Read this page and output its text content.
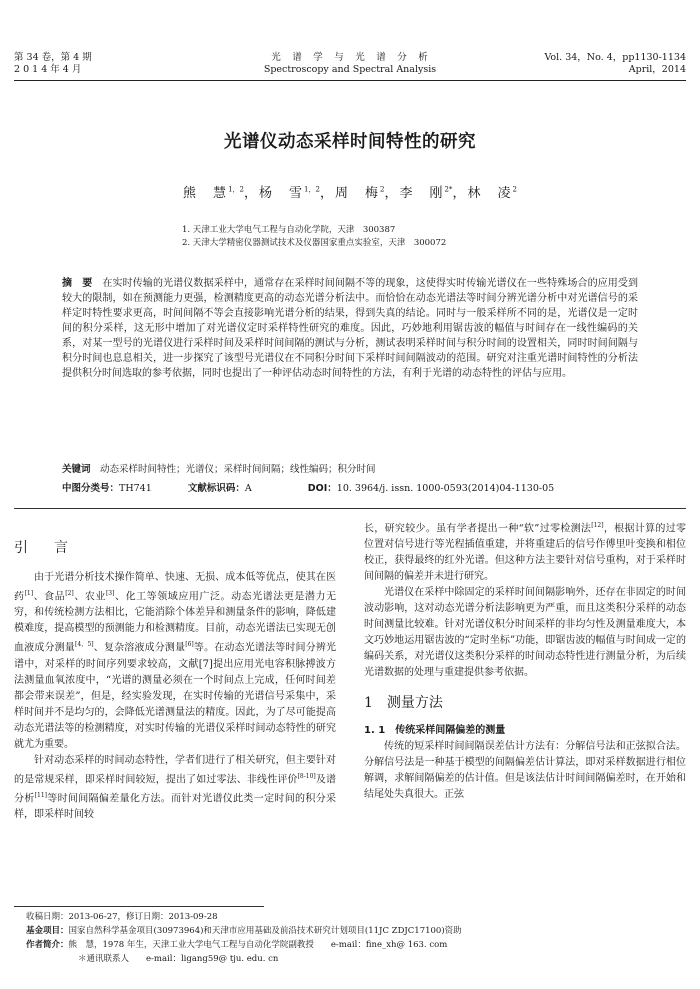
第 34 卷，第 4 期
2 0 1 4 年 4 月
光　谱　学　与　光　谱　分　析
Spectroscopy and Spectral Analysis
Vol. 34，No. 4，pp1130-1134
April，2014
光谱仪动态采样时间特性的研究
熊　慧$^{1,2}$，杨　雪$^{1,2}$，周　梅$^2$，李　刚$^{2*}$，林　凌$^2$
1. 天津工业大学电气工程与自动化学院，天津　300387
2. 天津大学精密仪器测试技术及仪器国家重点实验室，天津　300072
摘　要　 在实时传输的光谱仪数据采样中，通常存在采样时间间隔不等的现象，这使得实时传输光谱仪在一些特殊场合的应用受到较大的限制，如在预测能力更强，检测精度更高的动态光谱分析法中。而恰恰在动态光谱法等时间分辨光谱分析中对光谱信号的采样定时特性要求更高，时间间隔不等会直接影响光谱分析的结果，得到失真的结论。同时与一般采样所不同的是，光谱仪是一定时间的积分采样，这无形中增加了对光谱仪定时采样特性研究的难度。因此，巧妙地利用锯齿波的幅值与时间存在一线性编码的关系，对某一型号的光谱仪进行采样时间及采样时间间隔的测试与分析，测试表明采样时间与积分时间的设置相关，同时时间间隔与积分时间也息息相关，进一步探究了该型号光谱仪在不同积分时间下采样时间间隔波动的范围。研究对注重光谱时间特性的分析法提供积分时间选取的参考依据，同时也提出了一种评估动态时间特性的方法，有利于光谱的动态特性的评估与应用。
关键词　 动态采样时间特性；光谱仪；采样时间间隔；线性编码；积分时间
中图分类号：TH741	文献标识码：A	DOI：10. 3964/j. issn. 1000-0593(2014)04-1130-05
引　言

由于光谱分析技术操作简单、快速、无损、成本低等优点，使其在医药[1]、食品[2]、农业[3]、化工等领域应用广泛。动态光谱法更是潜力无穷，和传统检测方法相比，它能消除个体差异和测量条件的影响，降低建模难度，提高模型的预测能力和检测精度。目前，动态光谱法已实现无创血液成分测量[4，5]、复杂溶液成分测量[6]等。在动态光谱法等时间分辨光谱中，对采样的时间序列要求较高，文献[7]提出应用光电容积脉搏波方法测量血氧浓度中，“光谱的测量必须在一个时间点上完成，任何时间差都会带来误差”，但是，经实验发现，在实时传输的光谱信号采集中，采样时间并不是均匀的，会降低光谱测量法的精度。因此，为了尽可能提高动态光谱法等的检测精度，对实时传输的光谱仪采样时间动态特性的研究就尤为重要。

针对动态采样的时间动态特性，学者们进行了相关研究，但主要针对的是常规采样，即采样时间较短，提出了如过零法、非线性评价[8-10]及谱分析[11]等时间间隔偏差量化方法。而针对光谱仪此类一定时间的积分采样，即采样时间较

长，研究较少。虽有学者提出一种“软”过零检测法[12]，根据计算的过零位置对信号进行等光程插值重建，并将重建后的信号作傅里叶变换和相位校正，获得最终的红外光谱。但这种方法主要针对信号重构，对于采样时间间隔的偏差并未进行研究。

光谱仪在采样中除固定的采样时间间隔影响外，还存在非固定的时间波动影响，这对动态光谱分析法影响更为严重，而且这类积分采样的动态时间测量比较难。针对光谱仪积分时间采样的非均匀性及测量难度大，本文巧妙地运用锯齿波的“定时坐标”功能，即锯齿波的幅值与时间成一定的编码关系，对光谱仪这类积分采样的时间动态特性进行测量分析，为后续光谱数据的处理与重建提供参考依据。

1　测量方法
1. 1　传统采样间隔偏差的测量

传统的短采样时间间隔误差估计方法有：分解信号法和正弦拟合法。分解信号法是一种基于模型的间隔偏差估计算法，即对采样数据进行相位解调，求解间隔偏差的估计值。但是该法估计时间间隔偏差时，在开始和结尾处失真很大。正弦

收稿日期：2013-06-27，修订日期：2013-09-28
基金项目：国家自然科学基金项目(30973964)和天津市应用基础及前沿技术研究计划项目(11JC ZDJC17100)资助
作者简介：熊　慧，1978 年生，天津工业大学电气工程与自动化学院副教授　　e-mail：fine_xh@ 163. com
＊通讯联系人　　e-mail：ligang59@ tju. edu. cn
